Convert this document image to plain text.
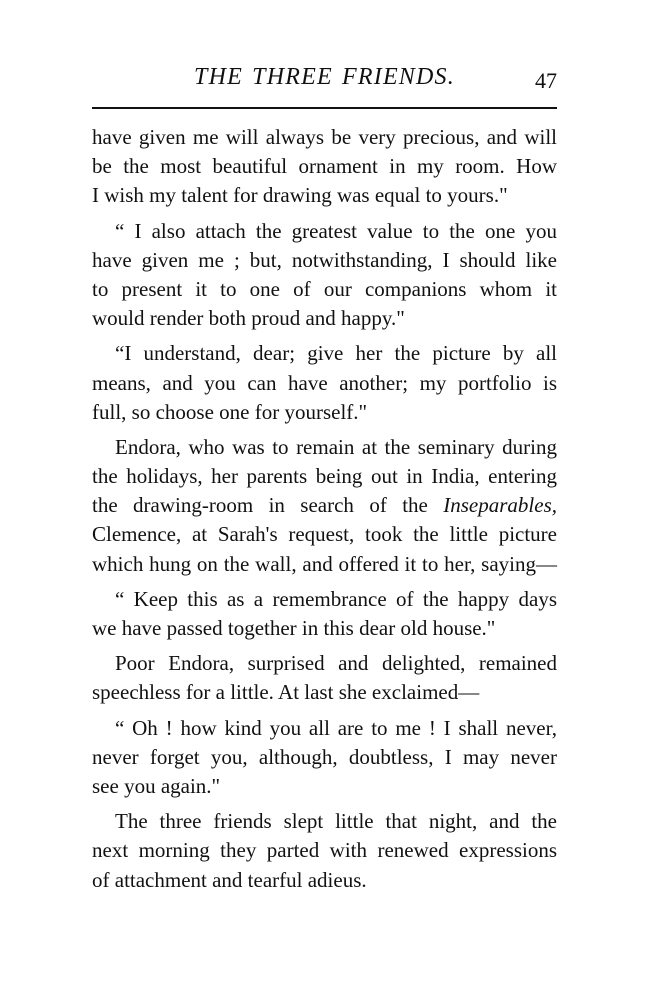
THE THREE FRIENDS.	47
have given me will always be very precious, and will
be the most beautiful ornament in my room. How
I wish my talent for drawing was equal to yours."
“ I also attach the greatest value to the one you
have given me ; but, notwithstanding, I should like
to present it to one of our companions whom it
would render both proud and happy."
“I understand, dear; give her the picture by all
means, and you can have another; my portfolio is
full, so choose one for yourself."
Endora, who was to remain at the seminary during
the holidays, her parents being out in India, entering
the drawing-room in search of the Inseparables,
Clemence, at Sarah's request, took the little picture
which hung on the wall, and offered it to her, saying—
“ Keep this as a remembrance of the happy days
we have passed together in this dear old house."
Poor Endora, surprised and delighted, remained
speechless for a little. At last she exclaimed—
“ Oh ! how kind you all are to me ! I shall never,
never forget you, although, doubtless, I may never
see you again."
The three friends slept little that night, and the
next morning they parted with renewed expressions
of attachment and tearful adieus.
